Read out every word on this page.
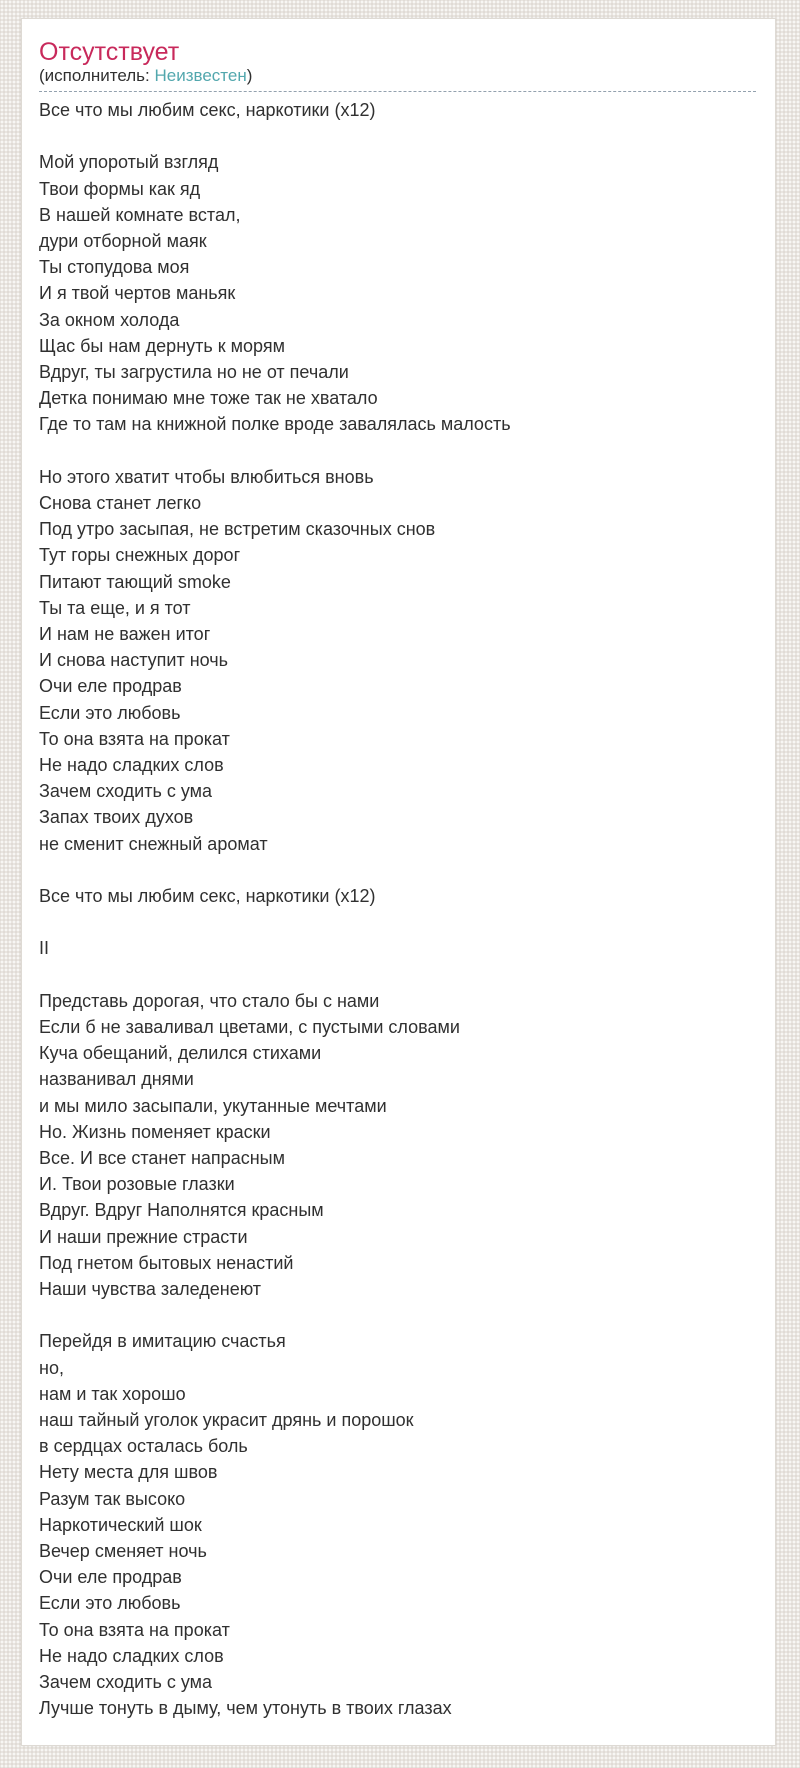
Отсутствует
(исполнитель: Неизвестен)
Все что мы любим секс, наркотики (x12)
Мой упоротый взгляд
Твои формы как яд
В нашей комнате встал,
дури отборной маяк
Ты стопудова моя
И я твой чертов маньяк
За окном холода
Щас бы нам дернуть к морям
Вдруг, ты загрустила но не от печали
Детка понимаю мне тоже так не хватало
Где то там на книжной полке вроде завалялась малость
Но этого хватит чтобы влюбиться вновь
Снова станет легко
Под утро засыпая, не встретим сказочных снов
Тут горы снежных дорог
Питают тающий smoke
Ты та еще, и я тот
И нам не важен итог
И снова наступит ночь
Очи еле продрав
Если это любовь
То она взята на прокат
Не надо сладких слов
Зачем сходить с ума
Запах твоих духов
не сменит снежный аромат
Все что мы любим секс, наркотики (x12)
II
Представь дорогая, что стало бы с нами
Если б не заваливал цветами, с пустыми словами
Куча обещаний, делился стихами
названивал днями
и мы мило засыпали, укутанные мечтами
Но. Жизнь поменяет краски
Все. И все станет напрасным
И. Твои розовые глазки
Вдруг. Вдруг Наполнятся красным
И наши прежние страсти
Под гнетом бытовых ненастий
Наши чувства заледенеют
Перейдя в имитацию счастья
но,
нам и так хорошо
наш тайный уголок украсит дрянь и порошок
в сердцах осталась боль
Нету места для швов
Разум так высоко
Наркотический шок
Вечер сменяет ночь
Очи еле продрав
Если это любовь
То она взята на прокат
Не надо сладких слов
Зачем сходить с ума
Лучше тонуть в дыму, чем утонуть в твоих глазах
